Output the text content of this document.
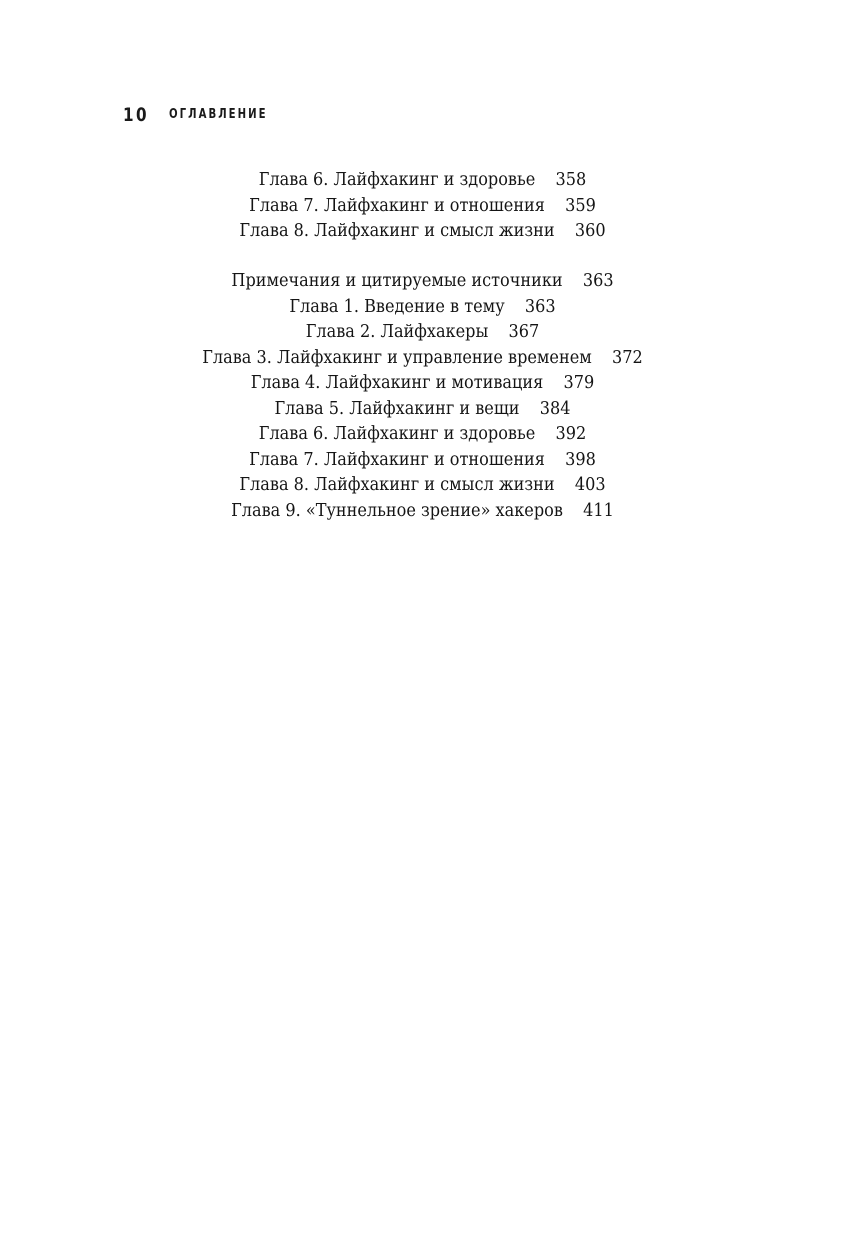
10 ОГЛАВЛЕНИЕ
Глава 6. Лайфхакинг и здоровье 358
Глава 7. Лайфхакинг и отношения 359
Глава 8. Лайфхакинг и смысл жизни 360
Примечания и цитируемые источники 363
Глава 1. Введение в тему 363
Глава 2. Лайфхакеры 367
Глава 3. Лайфхакинг и управление временем 372
Глава 4. Лайфхакинг и мотивация 379
Глава 5. Лайфхакинг и вещи 384
Глава 6. Лайфхакинг и здоровье 392
Глава 7. Лайфхакинг и отношения 398
Глава 8. Лайфхакинг и смысл жизни 403
Глава 9. «Туннельное зрение» хакеров 411
